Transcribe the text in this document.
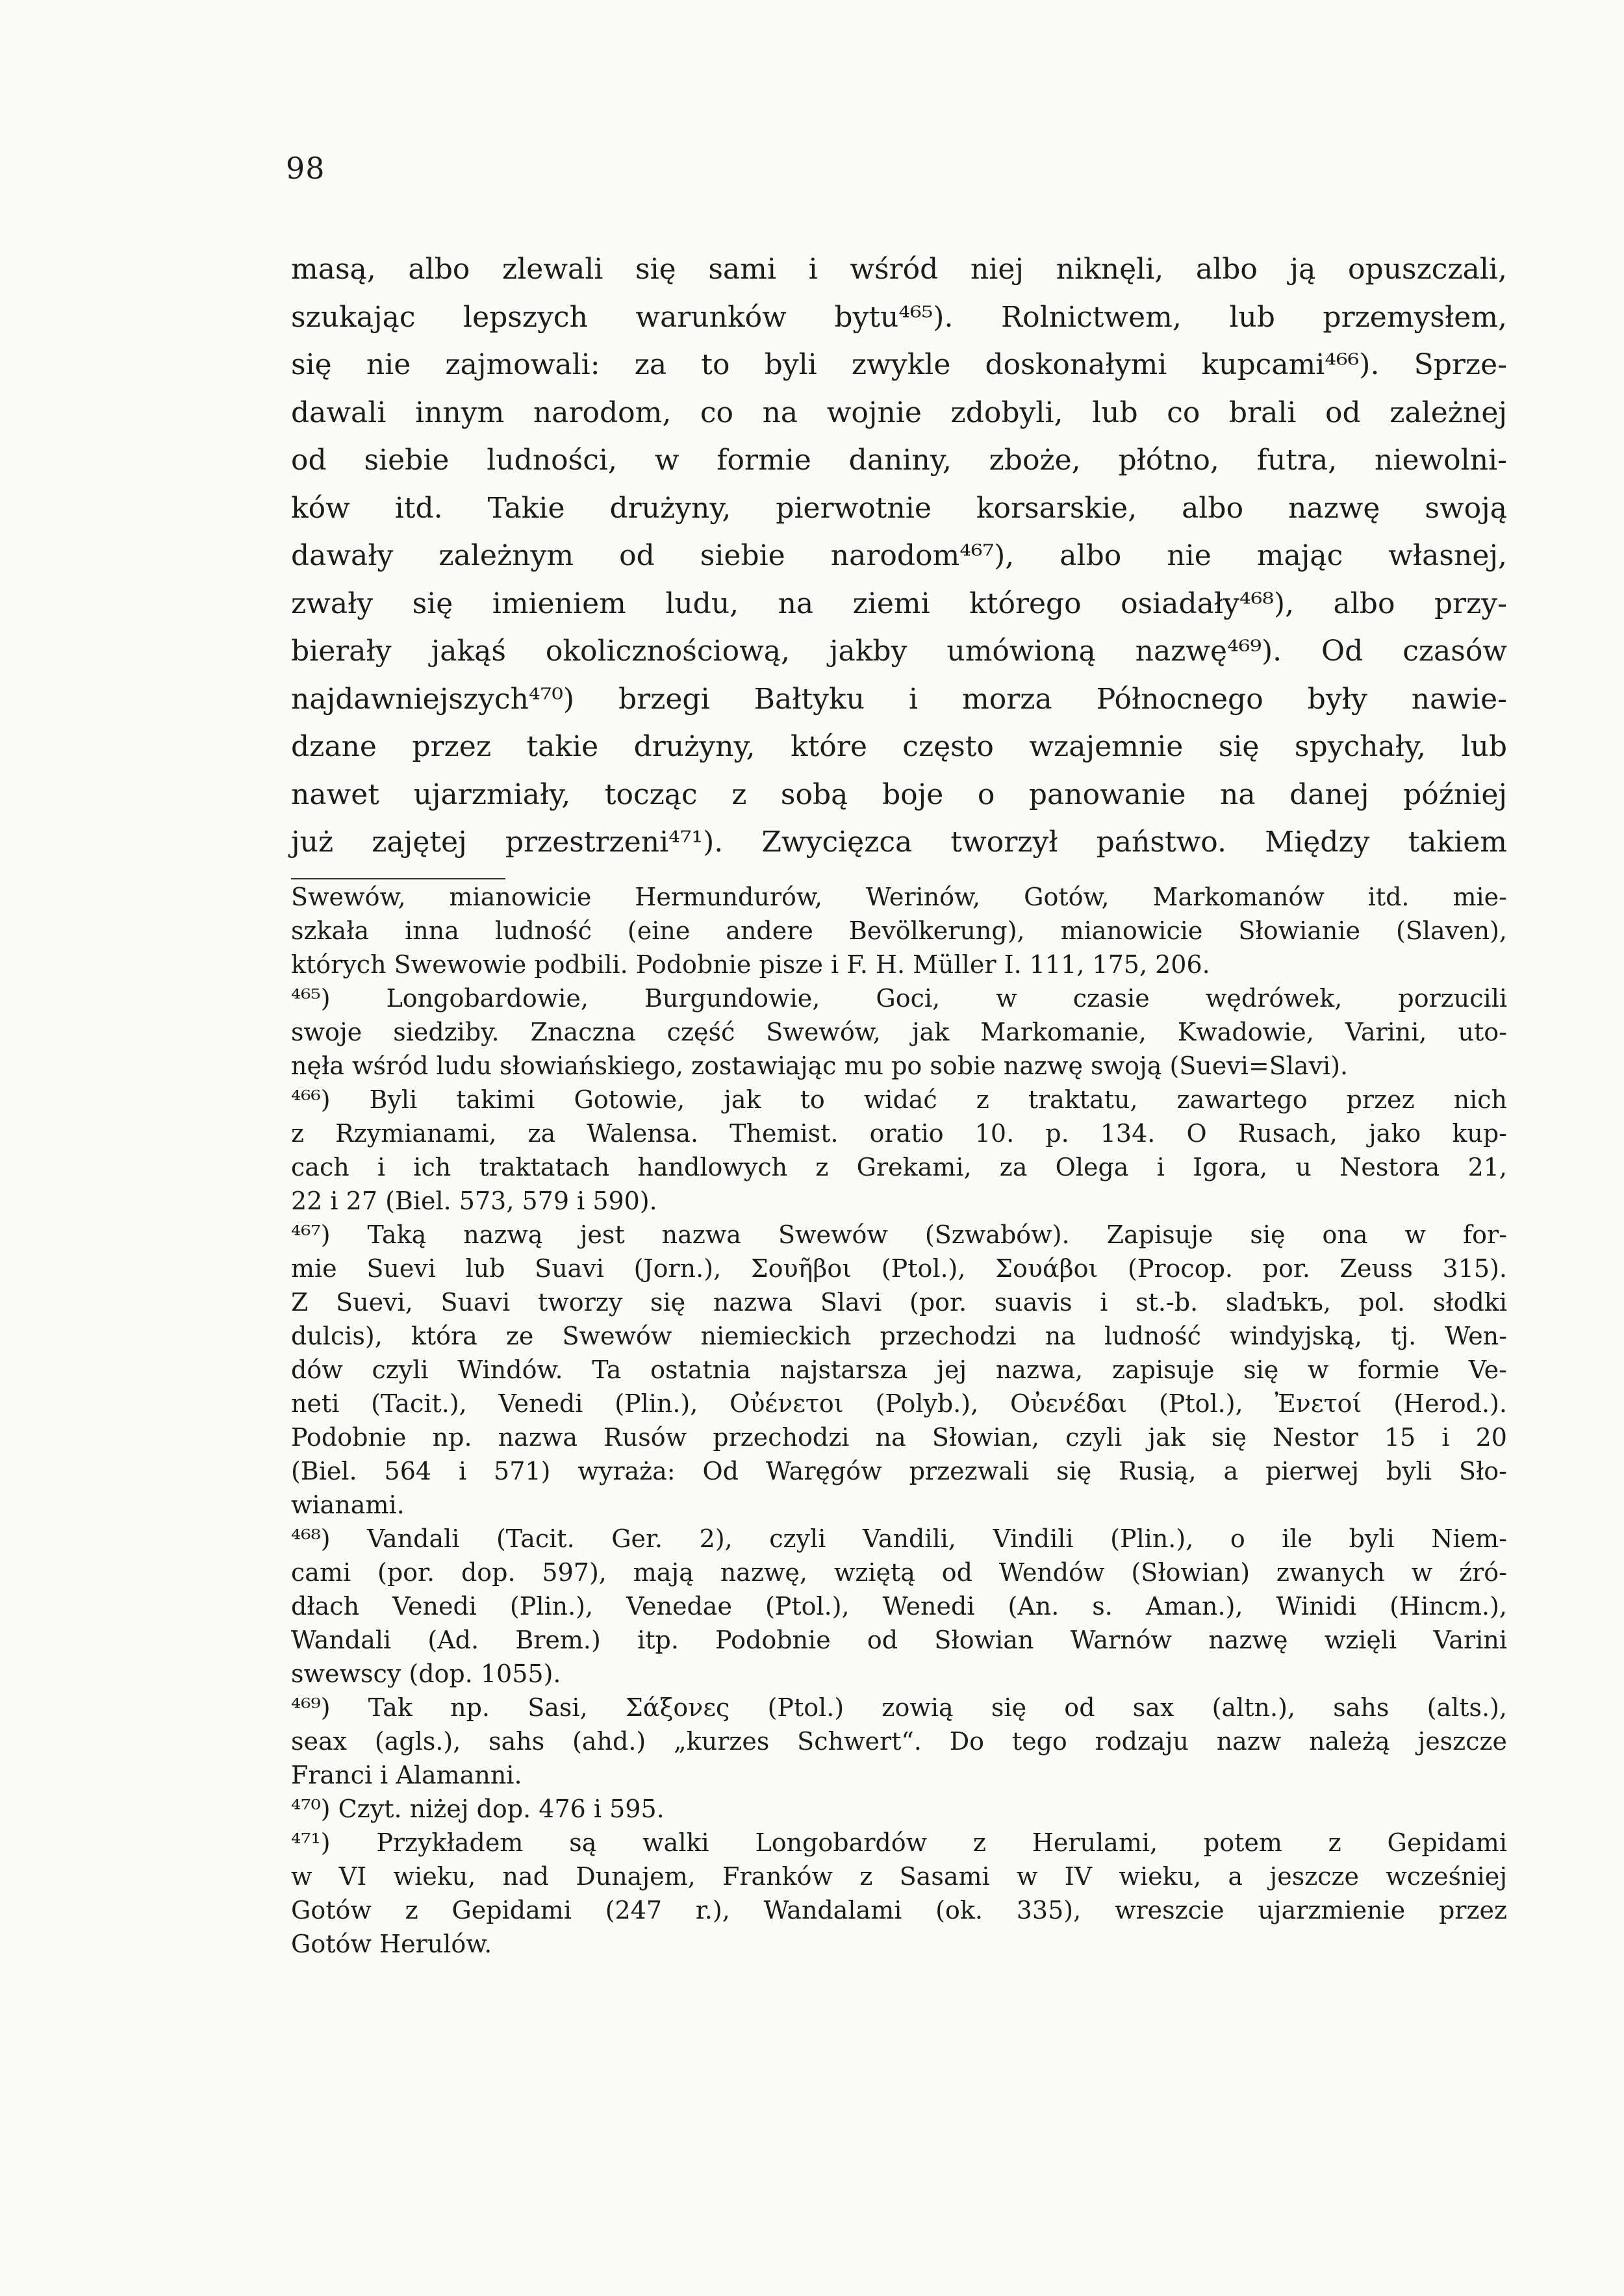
98
masą, albo zlewali się sami i wśród niej niknęli, albo ją opuszczali,
szukając lepszych warunków bytu⁴⁶⁵). Rolnictwem, lub przemysłem,
się nie zajmowali: za to byli zwykle doskonałymi kupcami⁴⁶⁶). Sprze-
dawali innym narodom, co na wojnie zdobyli, lub co brali od zależnej
od siebie ludności, w formie daniny, zboże, płótno, futra, niewolni-
ków itd. Takie drużyny, pierwotnie korsarskie, albo nazwę swoją
dawały zależnym od siebie narodom⁴⁶⁷), albo nie mając własnej,
zwały się imieniem ludu, na ziemi którego osiadały⁴⁶⁸), albo przy-
bierały jakąś okolicznościową, jakby umówioną nazwę⁴⁶⁹). Od czasów
najdawniejszych⁴⁷⁰) brzegi Bałtyku i morza Północnego były nawie-
dzane przez takie drużyny, które często wzajemnie się spychały, lub
nawet ujarzmiały, tocząc z sobą boje o panowanie na danej później
już zajętej przestrzeni⁴⁷¹). Zwycięzca tworzył państwo. Między takiem
Swewów, mianowicie Hermundurów, Werinów, Gotów, Markomanów itd. mie-
szkała inna ludność (eine andere Bevölkerung), mianowicie Słowianie (Slaven),
których Swewowie podbili. Podobnie pisze i F. H. Müller I. 111, 175, 206.
⁴⁶⁵) Longobardowie, Burgundowie, Goci, w czasie wędrówek, porzucili
swoje siedziby. Znaczna część Swewów, jak Markomanie, Kwadowie, Varini, uto-
nęła wśród ludu słowiańskiego, zostawiając mu po sobie nazwę swoją (Suevi=Slavi).
⁴⁶⁶) Byli takimi Gotowie, jak to widać z traktatu, zawartego przez nich
z Rzymianami, za Walensa. Themist. oratio 10. p. 134. O Rusach, jako kup-
cach i ich traktatach handlowych z Grekami, za Olega i Igora, u Nestora 21,
22 i 27 (Biel. 573, 579 i 590).
⁴⁶⁷) Taką nazwą jest nazwa Swewów (Szwabów). Zapisuje się ona w for-
mie Suevi lub Suavi (Jorn.), Σουῆβοι (Ptol.), Σουάβοι (Procop. por. Zeuss 315).
Z Suevi, Suavi tworzy się nazwa Slavi (por. suavis i st.-b. sladъkъ, pol. słodki
dulcis), która ze Swewów niemieckich przechodzi na ludność windyjską, tj. Wen-
dów czyli Windów. Ta ostatnia najstarsza jej nazwa, zapisuje się w formie Ve-
neti (Tacit.), Venedi (Plin.), Οὐένετοι (Polyb.), Οὐενέδαι (Ptol.), Ἐνετοί (Herod.).
Podobnie np. nazwa Rusów przechodzi na Słowian, czyli jak się Nestor 15 i 20
(Biel. 564 i 571) wyraża: Od Waręgów przezwali się Rusią, a pierwej byli Sło-
wianami.
⁴⁶⁸) Vandali (Tacit. Ger. 2), czyli Vandili, Vindili (Plin.), o ile byli Niem-
cami (por. dop. 597), mają nazwę, wziętą od Wendów (Słowian) zwanych w źró-
dłach Venedi (Plin.), Venedae (Ptol.), Wenedi (An. s. Aman.), Winidi (Hincm.),
Wandali (Ad. Brem.) itp. Podobnie od Słowian Warnów nazwę wzięli Varini
swewscy (dop. 1055).
⁴⁶⁹) Tak np. Sasi, Σάξονες (Ptol.) zowią się od sax (altn.), sahs (alts.),
seax (agls.), sahs (ahd.) „kurzes Schwert“. Do tego rodzaju nazw należą jeszcze
Franci i Alamanni.
⁴⁷⁰) Czyt. niżej dop. 476 i 595.
⁴⁷¹) Przykładem są walki Longobardów z Herulami, potem z Gepidami
w VI wieku, nad Dunajem, Franków z Sasami w IV wieku, a jeszcze wcześniej
Gotów z Gepidami (247 r.), Wandalami (ok. 335), wreszcie ujarzmienie przez
Gotów Herulów.
